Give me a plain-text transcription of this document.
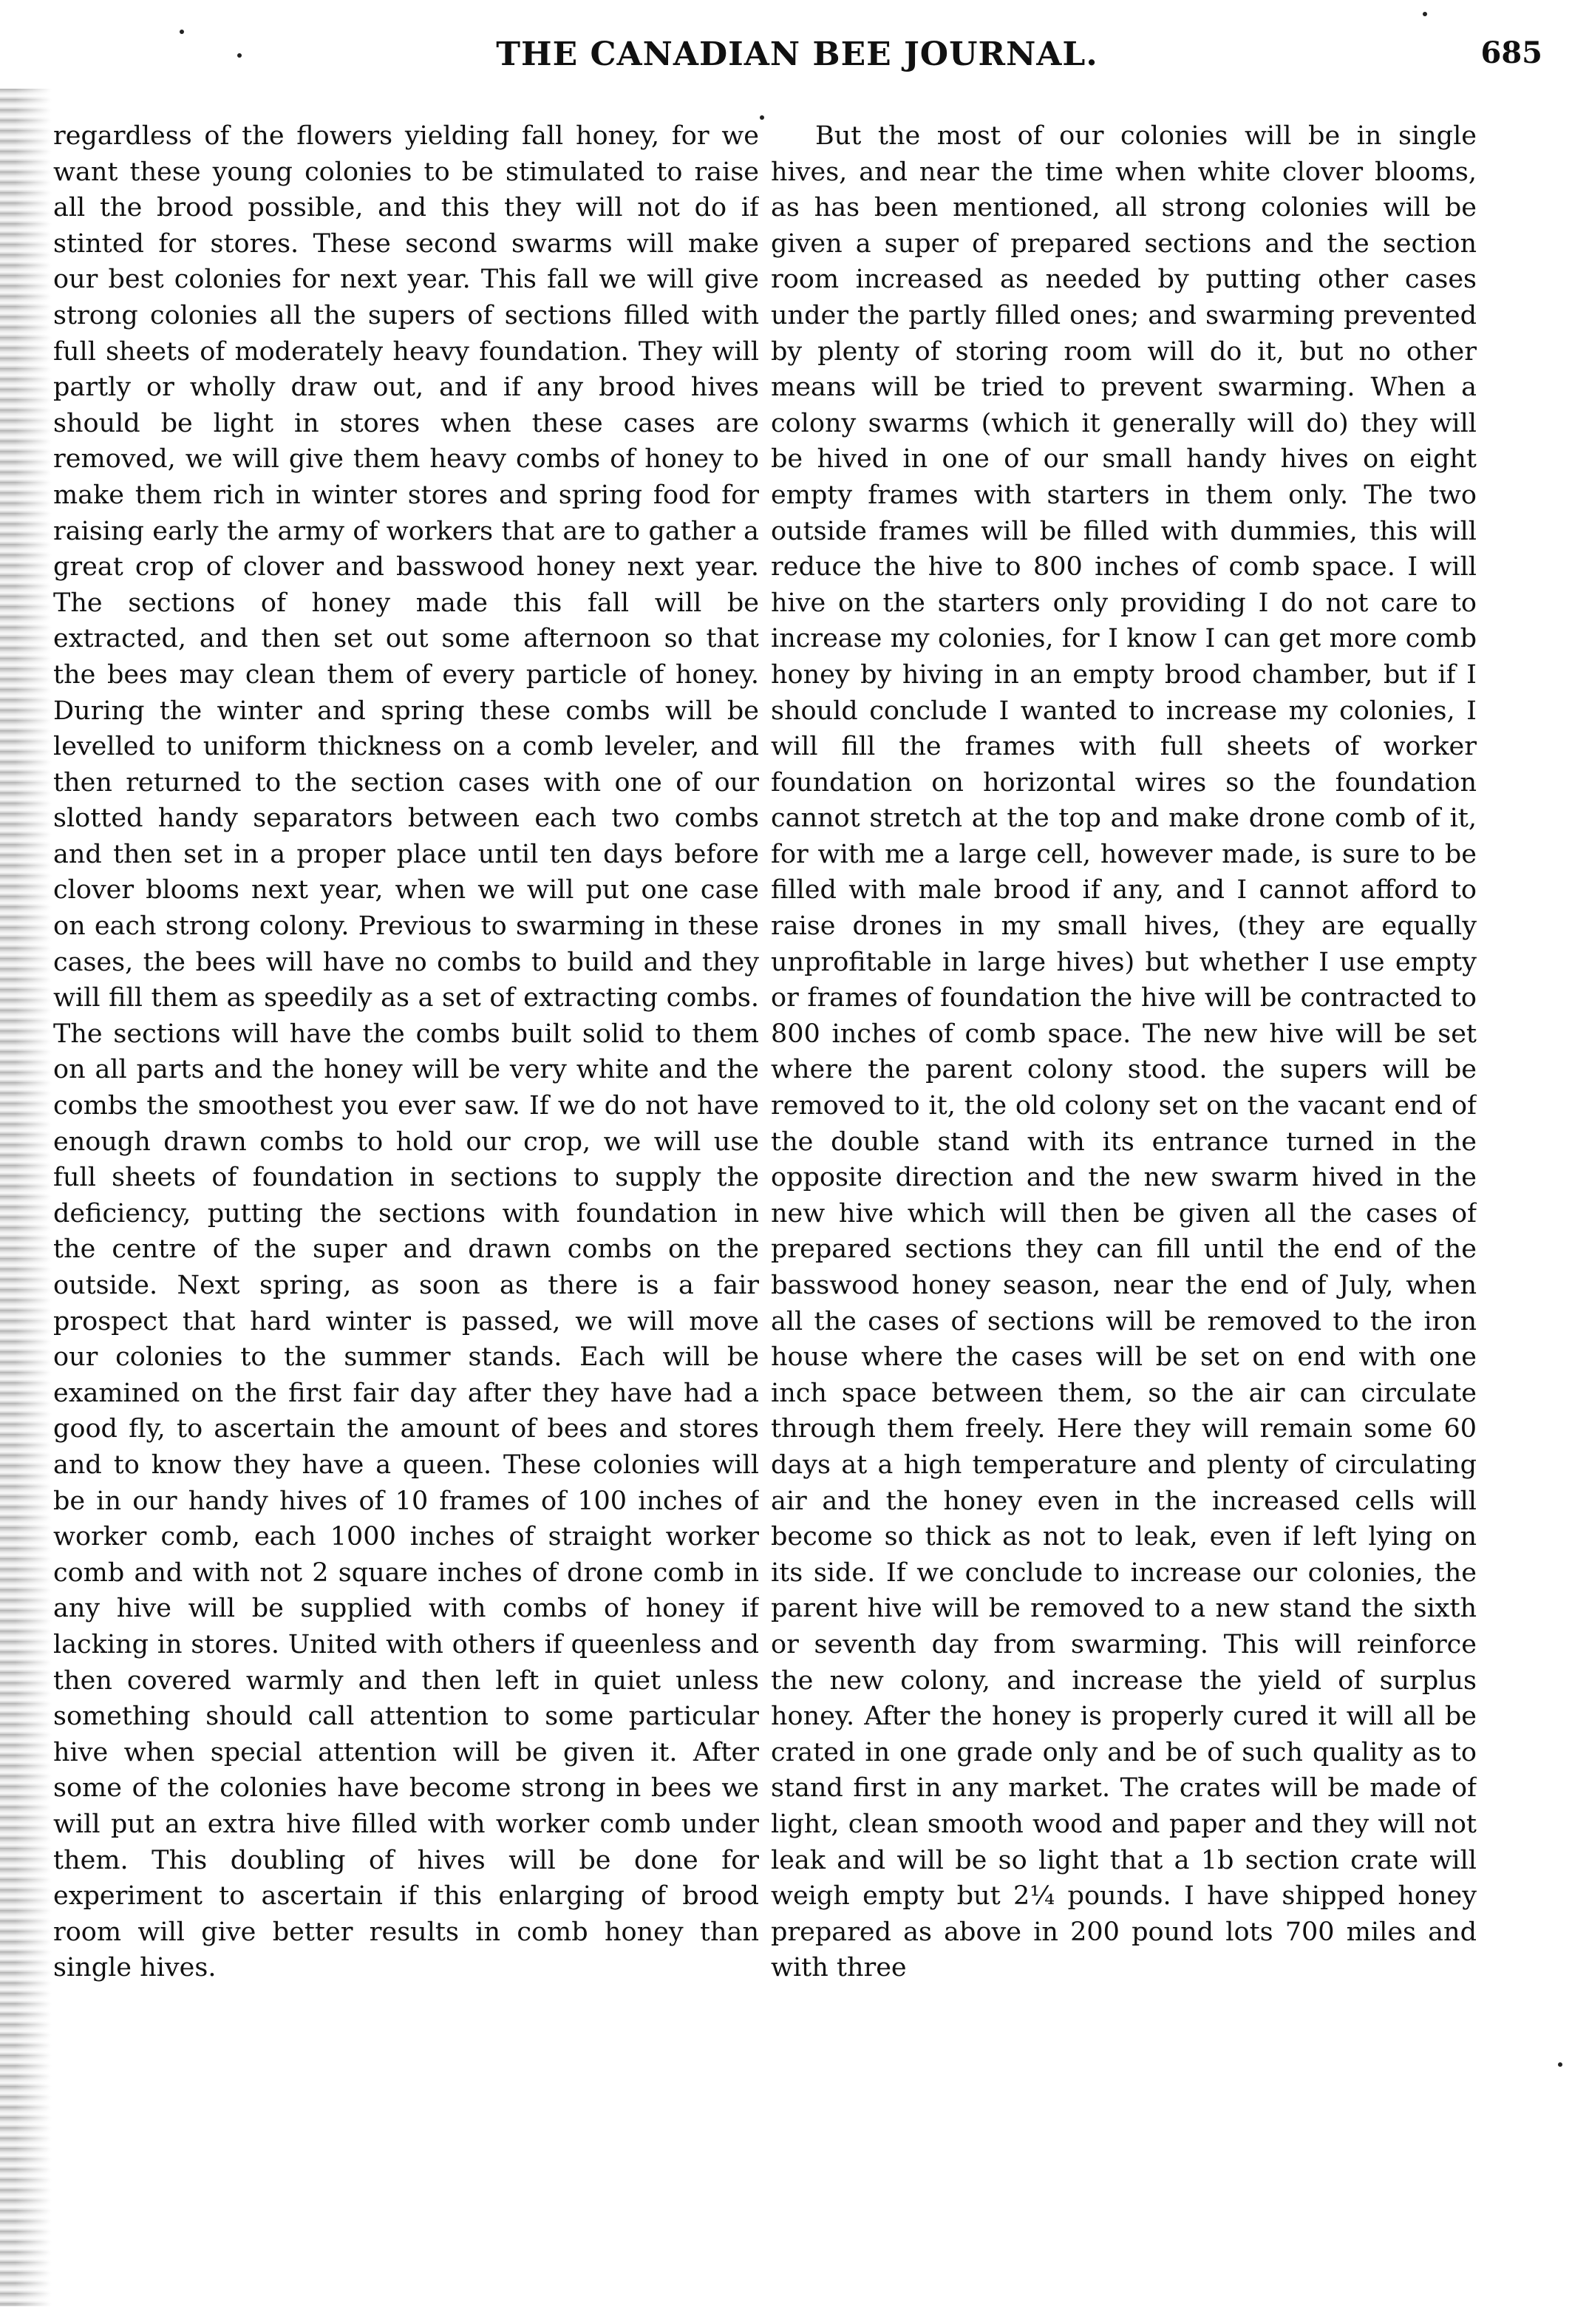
THE CANADIAN BEE JOURNAL.	685

regardless of the flowers yielding fall honey, for we want these young colonies to be stimulated to raise all the brood possible, and this they will not do if stinted for stores. These second swarms will make our best colonies for next year. This fall we will give strong colonies all the supers of sections filled with full sheets of moderately heavy foundation. They will partly or wholly draw out, and if any brood hives should be light in stores when these cases are removed, we will give them heavy combs of honey to make them rich in winter stores and spring food for raising early the army of workers that are to gather a great crop of clover and basswood honey next year. The sections of honey made this fall will be extracted, and then set out some afternoon so that the bees may clean them of every particle of honey. During the winter and spring these combs will be levelled to uniform thickness on a comb leveler, and then returned to the section cases with one of our slotted handy separators between each two combs and then set in a proper place until ten days before clover blooms next year, when we will put one case on each strong colony. Previous to swarming in these cases, the bees will have no combs to build and they will fill them as speedily as a set of extracting combs. The sections will have the combs built solid to them on all parts and the honey will be very white and the combs the smoothest you ever saw. If we do not have enough drawn combs to hold our crop, we will use full sheets of foundation in sections to supply the deficiency, putting the sections with foundation in the centre of the super and drawn combs on the outside. Next spring, as soon as there is a fair prospect that hard winter is passed, we will move our colonies to the summer stands. Each will be examined on the first fair day after they have had a good fly, to ascertain the amount of bees and stores and to know they have a queen. These colonies will be in our handy hives of 10 frames of 100 inches of worker comb, each 1000 inches of straight worker comb and with not 2 square inches of drone comb in any hive will be supplied with combs of honey if lacking in stores. United with others if queenless and then covered warmly and then left in quiet unless something should call attention to some particular hive when special attention will be given it. After some of the colonies have become strong in bees we will put an extra hive filled with worker comb under them. This doubling of hives will be done for experiment to ascertain if this enlarging of brood room will give better results in comb honey than single hives.

But the most of our colonies will be in single hives, and near the time when white clover blooms, as has been mentioned, all strong colonies will be given a super of prepared sections and the section room increased as needed by putting other cases under the partly filled ones; and swarming prevented by plenty of storing room will do it, but no other means will be tried to prevent swarming. When a colony swarms (which it generally will do) they will be hived in one of our small handy hives on eight empty frames with starters in them only. The two outside frames will be filled with dummies, this will reduce the hive to 800 inches of comb space. I will hive on the starters only providing I do not care to increase my colonies, for I know I can get more comb honey by hiving in an empty brood chamber, but if I should conclude I wanted to increase my colonies, I will fill the frames with full sheets of worker foundation on horizontal wires so the foundation cannot stretch at the top and make drone comb of it, for with me a large cell, however made, is sure to be filled with male brood if any, and I cannot afford to raise drones in my small hives, (they are equally unprofitable in large hives) but whether I use empty or frames of foundation the hive will be contracted to 800 inches of comb space. The new hive will be set where the parent colony stood. the supers will be removed to it, the old colony set on the vacant end of the double stand with its entrance turned in the opposite direction and the new swarm hived in the new hive which will then be given all the cases of prepared sections they can fill until the end of the basswood honey season, near the end of July, when all the cases of sections will be removed to the iron house where the cases will be set on end with one inch space between them, so the air can circulate through them freely. Here they will remain some 60 days at a high temperature and plenty of circulating air and the honey even in the increased cells will become so thick as not to leak, even if left lying on its side. If we conclude to increase our colonies, the parent hive will be removed to a new stand the sixth or seventh day from swarming. This will reinforce the new colony, and increase the yield of surplus honey. After the honey is properly cured it will all be crated in one grade only and be of such quality as to stand first in any market. The crates will be made of light, clean smooth wood and paper and they will not leak and will be so light that a 1b section crate will weigh empty but 2¼ pounds. I have shipped honey prepared as above in 200 pound lots 700 miles and with three
